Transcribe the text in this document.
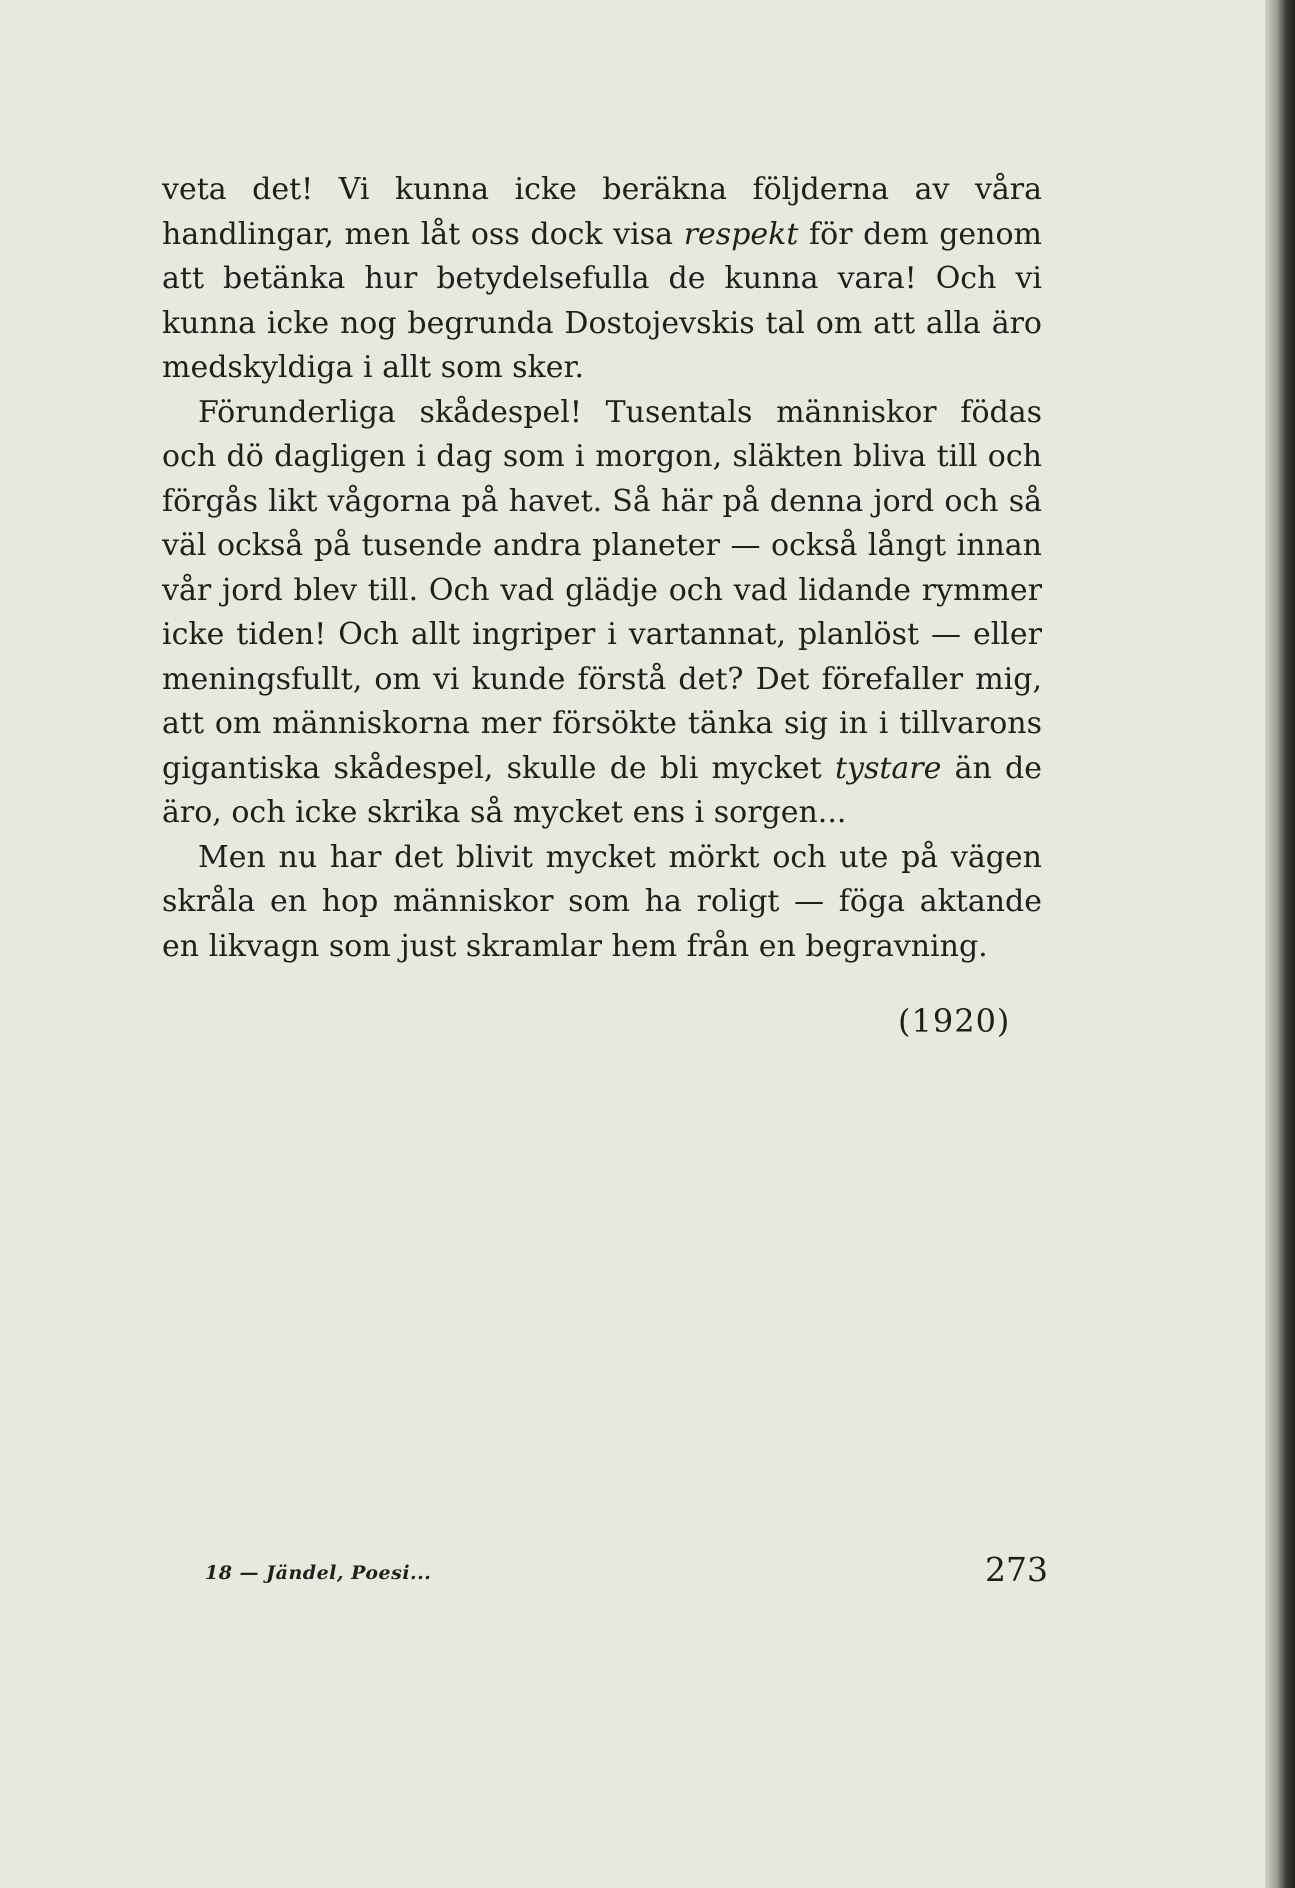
veta det! Vi kunna icke beräkna följderna av våra handlingar, men låt oss dock visa respekt för dem genom att betänka hur betydelsefulla de kunna vara! Och vi kunna icke nog begrunda Dostojevskis tal om att alla äro medskyldiga i allt som sker.

Förunderliga skådespel! Tusentals människor födas och dö dagligen i dag som i morgon, släkten bliva till och förgås likt vågorna på havet. Så här på denna jord och så väl också på tusende andra planeter — också långt innan vår jord blev till. Och vad glädje och vad lidande rymmer icke tiden! Och allt ingriper i vartannat, planlöst — eller meningsfullt, om vi kunde förstå det? Det förefaller mig, att om människorna mer försökte tänka sig in i tillvarons gigantiska skådespel, skulle de bli mycket tystare än de äro, och icke skrika så mycket ens i sorgen...

Men nu har det blivit mycket mörkt och ute på vägen skråla en hop människor som ha roligt — föga aktande en likvagn som just skramlar hem från en begravning.

(1920)
18 — Jändel, Poesi...	273
